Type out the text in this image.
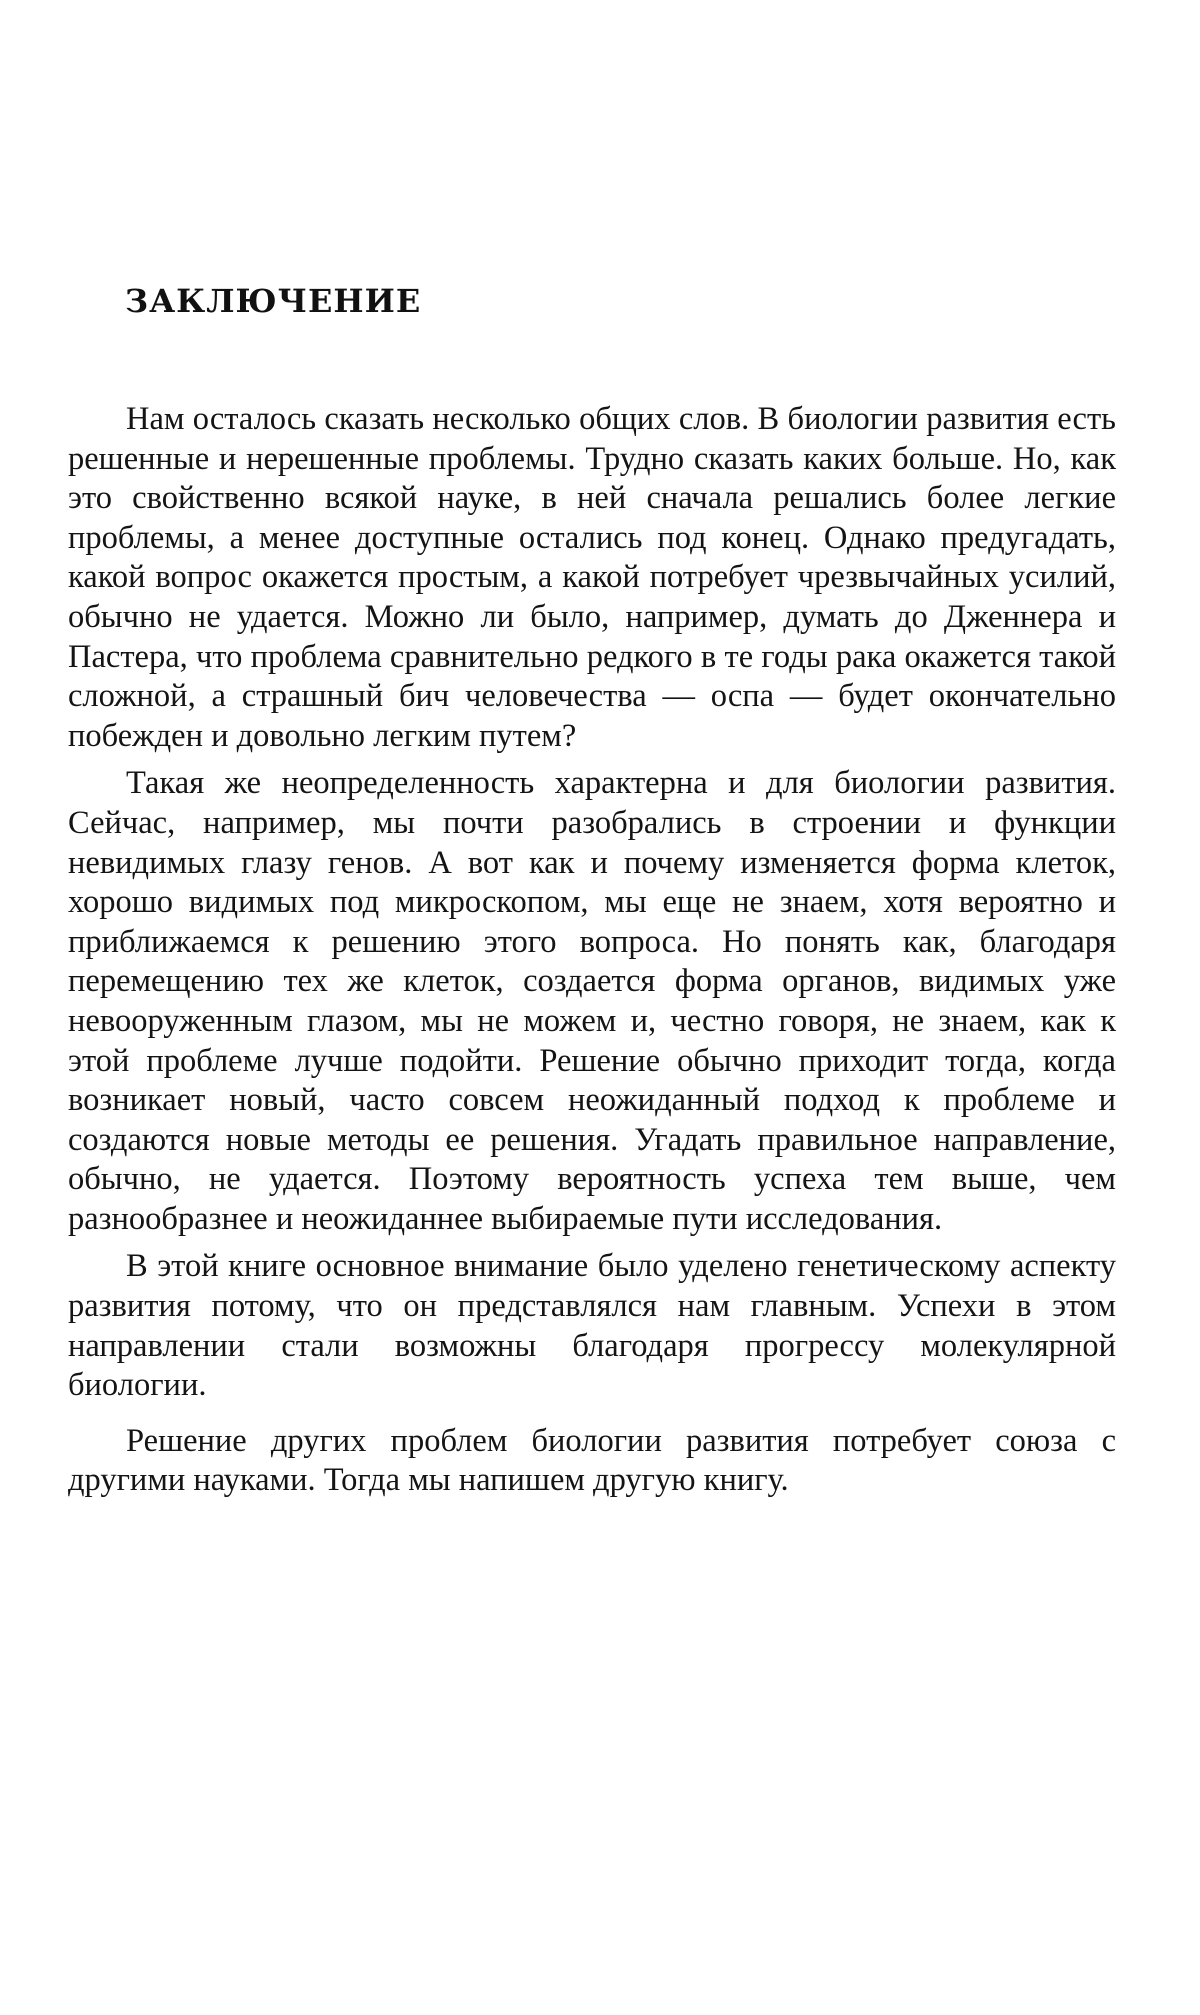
ЗАКЛЮЧЕНИЕ

Нам осталось сказать несколько общих слов. В биологии развития есть решенные и нерешенные проблемы. Трудно сказать каких больше. Но, как это свойственно всякой науке, в ней сначала решались более легкие проблемы, а менее доступные остались под конец. Однако предугадать, какой вопрос окажется простым, а какой потребует чрезвычайных усилий, обычно не удается. Можно ли было, например, думать до Дженнера и Пастера, что проблема сравнительно редкого в те годы рака окажется такой сложной, а страшный бич человечества — оспа — будет окончательно побежден и довольно легким путем?

Такая же неопределенность характерна и для биологии развития. Сейчас, например, мы почти разобрались в строении и функции невидимых глазу генов. А вот как и почему изменяется форма клеток, хорошо видимых под микроскопом, мы еще не знаем, хотя вероятно и приближаемся к решению этого вопроса. Но понять как, благодаря перемещению тех же клеток, создается форма органов, видимых уже невооруженным глазом, мы не можем и, честно говоря, не знаем, как к этой проблеме лучше подойти. Решение обычно приходит тогда, когда возникает новый, часто совсем неожиданный подход к проблеме и создаются новые методы ее решения. Угадать правильное направление, обычно, не удается. Поэтому вероятность успеха тем выше, чем разнообразнее и неожиданнее выбираемые пути исследования.

В этой книге основное внимание было уделено генетическому аспекту развития потому, что он представлялся нам главным. Успехи в этом направлении стали возможны благодаря прогрессу молекулярной биологии.

Решение других проблем биологии развития потребует союза с другими науками. Тогда мы напишем другую книгу.
